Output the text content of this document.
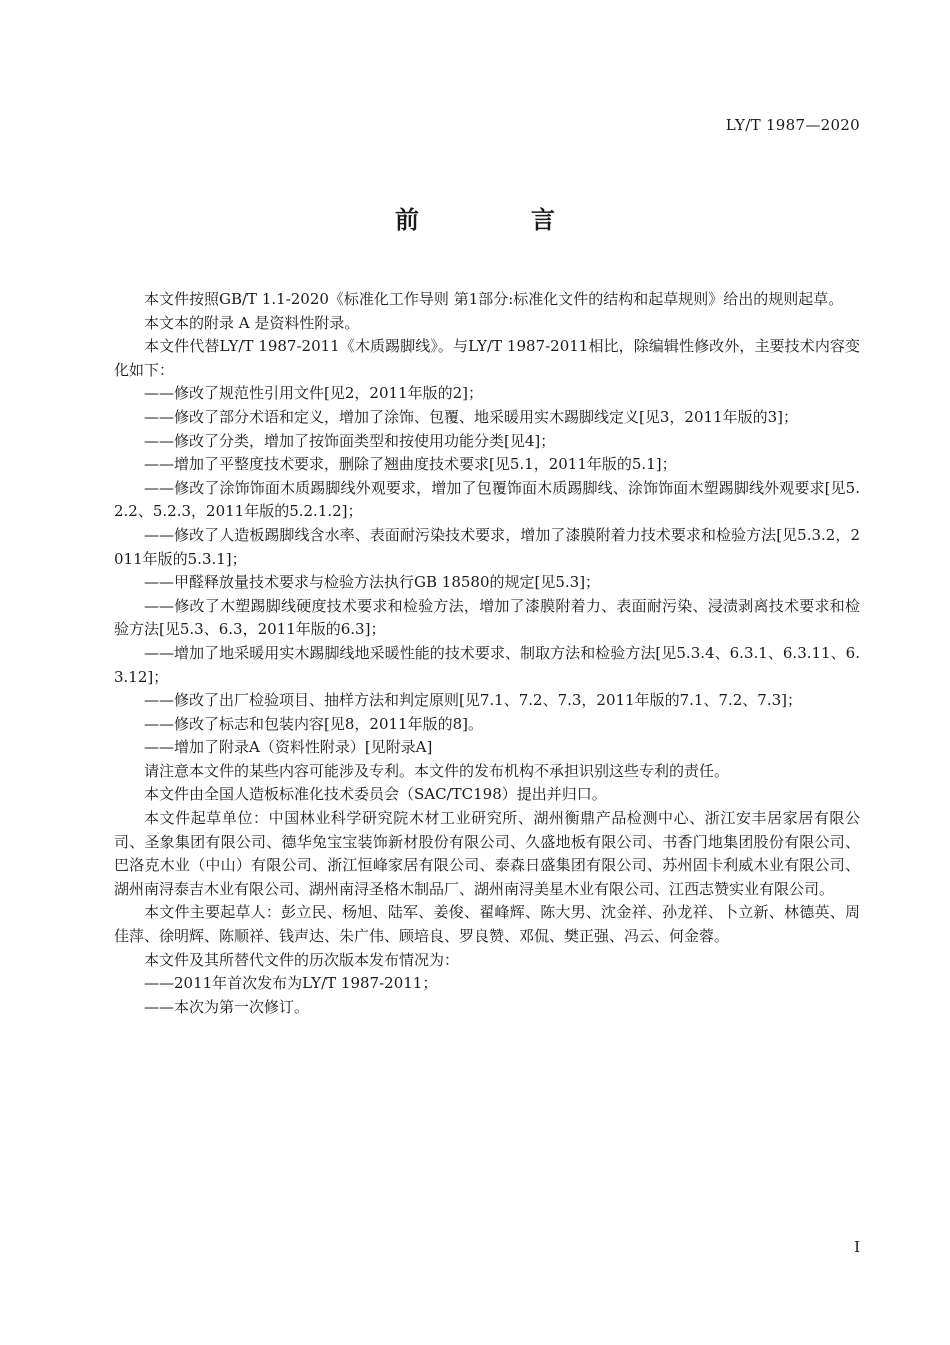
LY/T 1987—2020
前　言

本文件按照GB/T 1.1-2020《标准化工作导则 第1部分:标准化文件的结构和起草规则》给出的规则起草。

本文本的附录 A 是资料性附录。

本文件代替LY/T 1987-2011《木质踢脚线》。与LY/T 1987-2011相比，除编辑性修改外，主要技术内容变化如下：

——修改了规范性引用文件[见2，2011年版的2]；

——修改了部分术语和定义，增加了涂饰、包覆、地采暖用实木踢脚线定义[见3，2011年版的3]；

——修改了分类，增加了按饰面类型和按使用功能分类[见4]；

——增加了平整度技术要求，删除了翘曲度技术要求[见5.1，2011年版的5.1]；

——修改了涂饰饰面木质踢脚线外观要求，增加了包覆饰面木质踢脚线、涂饰饰面木塑踢脚线外观要求[见5.2.2、5.2.3，2011年版的5.2.1.2]；

——修改了人造板踢脚线含水率、表面耐污染技术要求，增加了漆膜附着力技术要求和检验方法[见5.3.2，2011年版的5.3.1]；

——甲醛释放量技术要求与检验方法执行GB 18580的规定[见5.3]；

——修改了木塑踢脚线硬度技术要求和检验方法，增加了漆膜附着力、表面耐污染、浸渍剥离技术要求和检验方法[见5.3、6.3，2011年版的6.3]；

——增加了地采暖用实木踢脚线地采暖性能的技术要求、制取方法和检验方法[见5.3.4、6.3.1、6.3.11、6.3.12]；

——修改了出厂检验项目、抽样方法和判定原则[见7.1、7.2、7.3，2011年版的7.1、7.2、7.3]；

——修改了标志和包装内容[见8，2011年版的8]。

——增加了附录A（资料性附录）[见附录A]

请注意本文件的某些内容可能涉及专利。本文件的发布机构不承担识别这些专利的责任。

本文件由全国人造板标准化技术委员会（SAC/TC198）提出并归口。

本文件起草单位：中国林业科学研究院木材工业研究所、湖州衡鼎产品检测中心、浙江安丰居家居有限公司、圣象集团有限公司、德华兔宝宝装饰新材股份有限公司、久盛地板有限公司、书香门地集团股份有限公司、巴洛克木业（中山）有限公司、浙江恒峰家居有限公司、泰森日盛集团有限公司、苏州固卡利威木业有限公司、湖州南浔泰吉木业有限公司、湖州南浔圣格木制品厂、湖州南浔美星木业有限公司、江西志赞实业有限公司。

本文件主要起草人：彭立民、杨旭、陆军、姜俊、翟峰辉、陈大男、沈金祥、孙龙祥、卜立新、林德英、周佳萍、徐明辉、陈顺祥、钱声达、朱广伟、顾培良、罗良赞、邓侃、樊正强、冯云、何金蓉。

本文件及其所替代文件的历次版本发布情况为：

——2011年首次发布为LY/T 1987-2011；

——本次为第一次修订。

I
